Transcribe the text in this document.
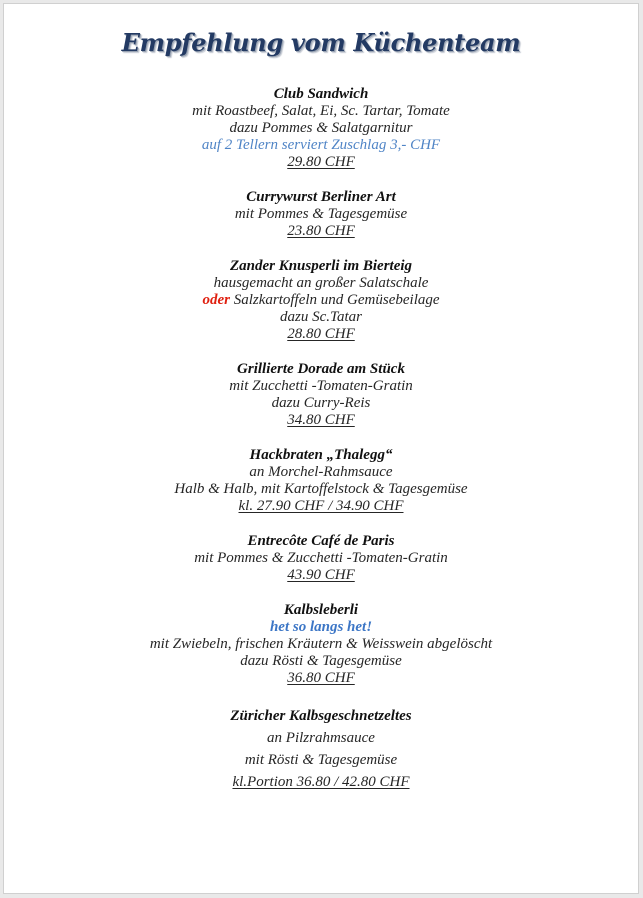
Empfehlung vom Küchenteam
Club Sandwich
mit Roastbeef, Salat, Ei, Sc. Tartar, Tomate
dazu Pommes & Salatgarnitur
auf 2 Tellern serviert Zuschlag 3,- CHF
29.80 CHF
Currywurst Berliner Art
mit Pommes & Tagesgemüse
23.80 CHF
Zander Knusperli im Bierteig
hausgemacht an großer Salatschale
oder Salzkartoffeln und Gemüsebeilage
dazu Sc.Tatar
28.80 CHF
Grillierte Dorade am Stück
mit Zucchetti -Tomaten-Gratin
dazu Curry-Reis
34.80 CHF
Hackbraten „Thalegg“
an Morchel-Rahmsauce
Halb & Halb, mit Kartoffelstock & Tagesgemüse
kl. 27.90 CHF / 34.90 CHF
Entrecôte Café de Paris
mit Pommes & Zucchetti -Tomaten-Gratin
43.90 CHF
Kalbsleberli
het so langs het!
mit Zwiebeln, frischen Kräutern & Weisswein abgelöscht
dazu Rösti & Tagesgemüse
36.80 CHF
Züricher Kalbsgeschnetzeltes
an Pilzrahmsauce
mit Rösti & Tagesgemüse
kl.Portion 36.80 / 42.80 CHF
